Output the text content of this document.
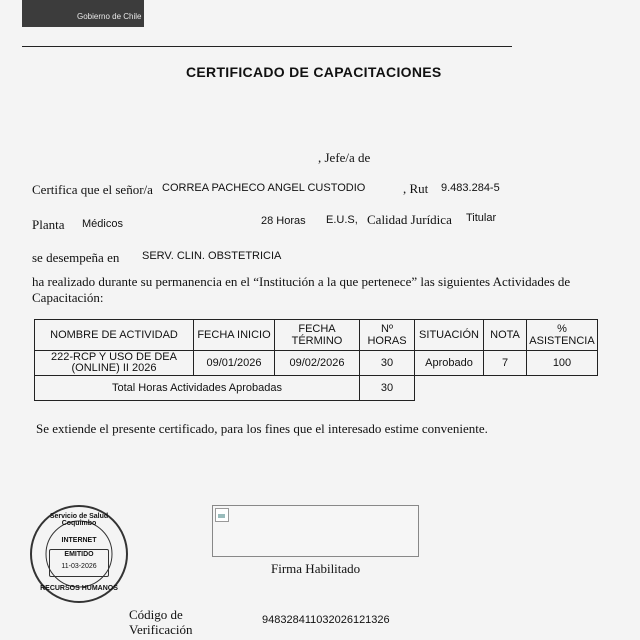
Gobierno de Chile
CERTIFICADO DE CAPACITACIONES
, Jefe/a de
Certifica que el señor/a CORREA PACHECO ANGEL CUSTODIO	, Rut 9.483.284-5
Planta Médicos	28 Horas E.U.S, Calidad Jurídica Titular
se desempeña en SERV. CLIN. OBSTETRICIA
ha realizado durante su permanencia en el “Institución a la que pertenece” las siguientes Actividades de Capacitación:
NOMBRE DE ACTIVIDAD	FECHA INICIO	FECHA TÉRMINO	Nº HORAS	SITUACIÓN	NOTA	% ASISTENCIA
222-RCP Y USO DE DEA (ONLINE) II 2026	09/01/2026	09/02/2026	30	Aprobado	7	100
Total Horas Actividades Aprobadas			30			
Se extiende el presente certificado, para los fines que el interesado estime conveniente.
Servicio de Salud Coquimbo
INTERNET
EMITIDO
11-03-2026
RECURSOS HUMANOS
Firma Habilitado
Código de
Verificación
948328411032026121326
